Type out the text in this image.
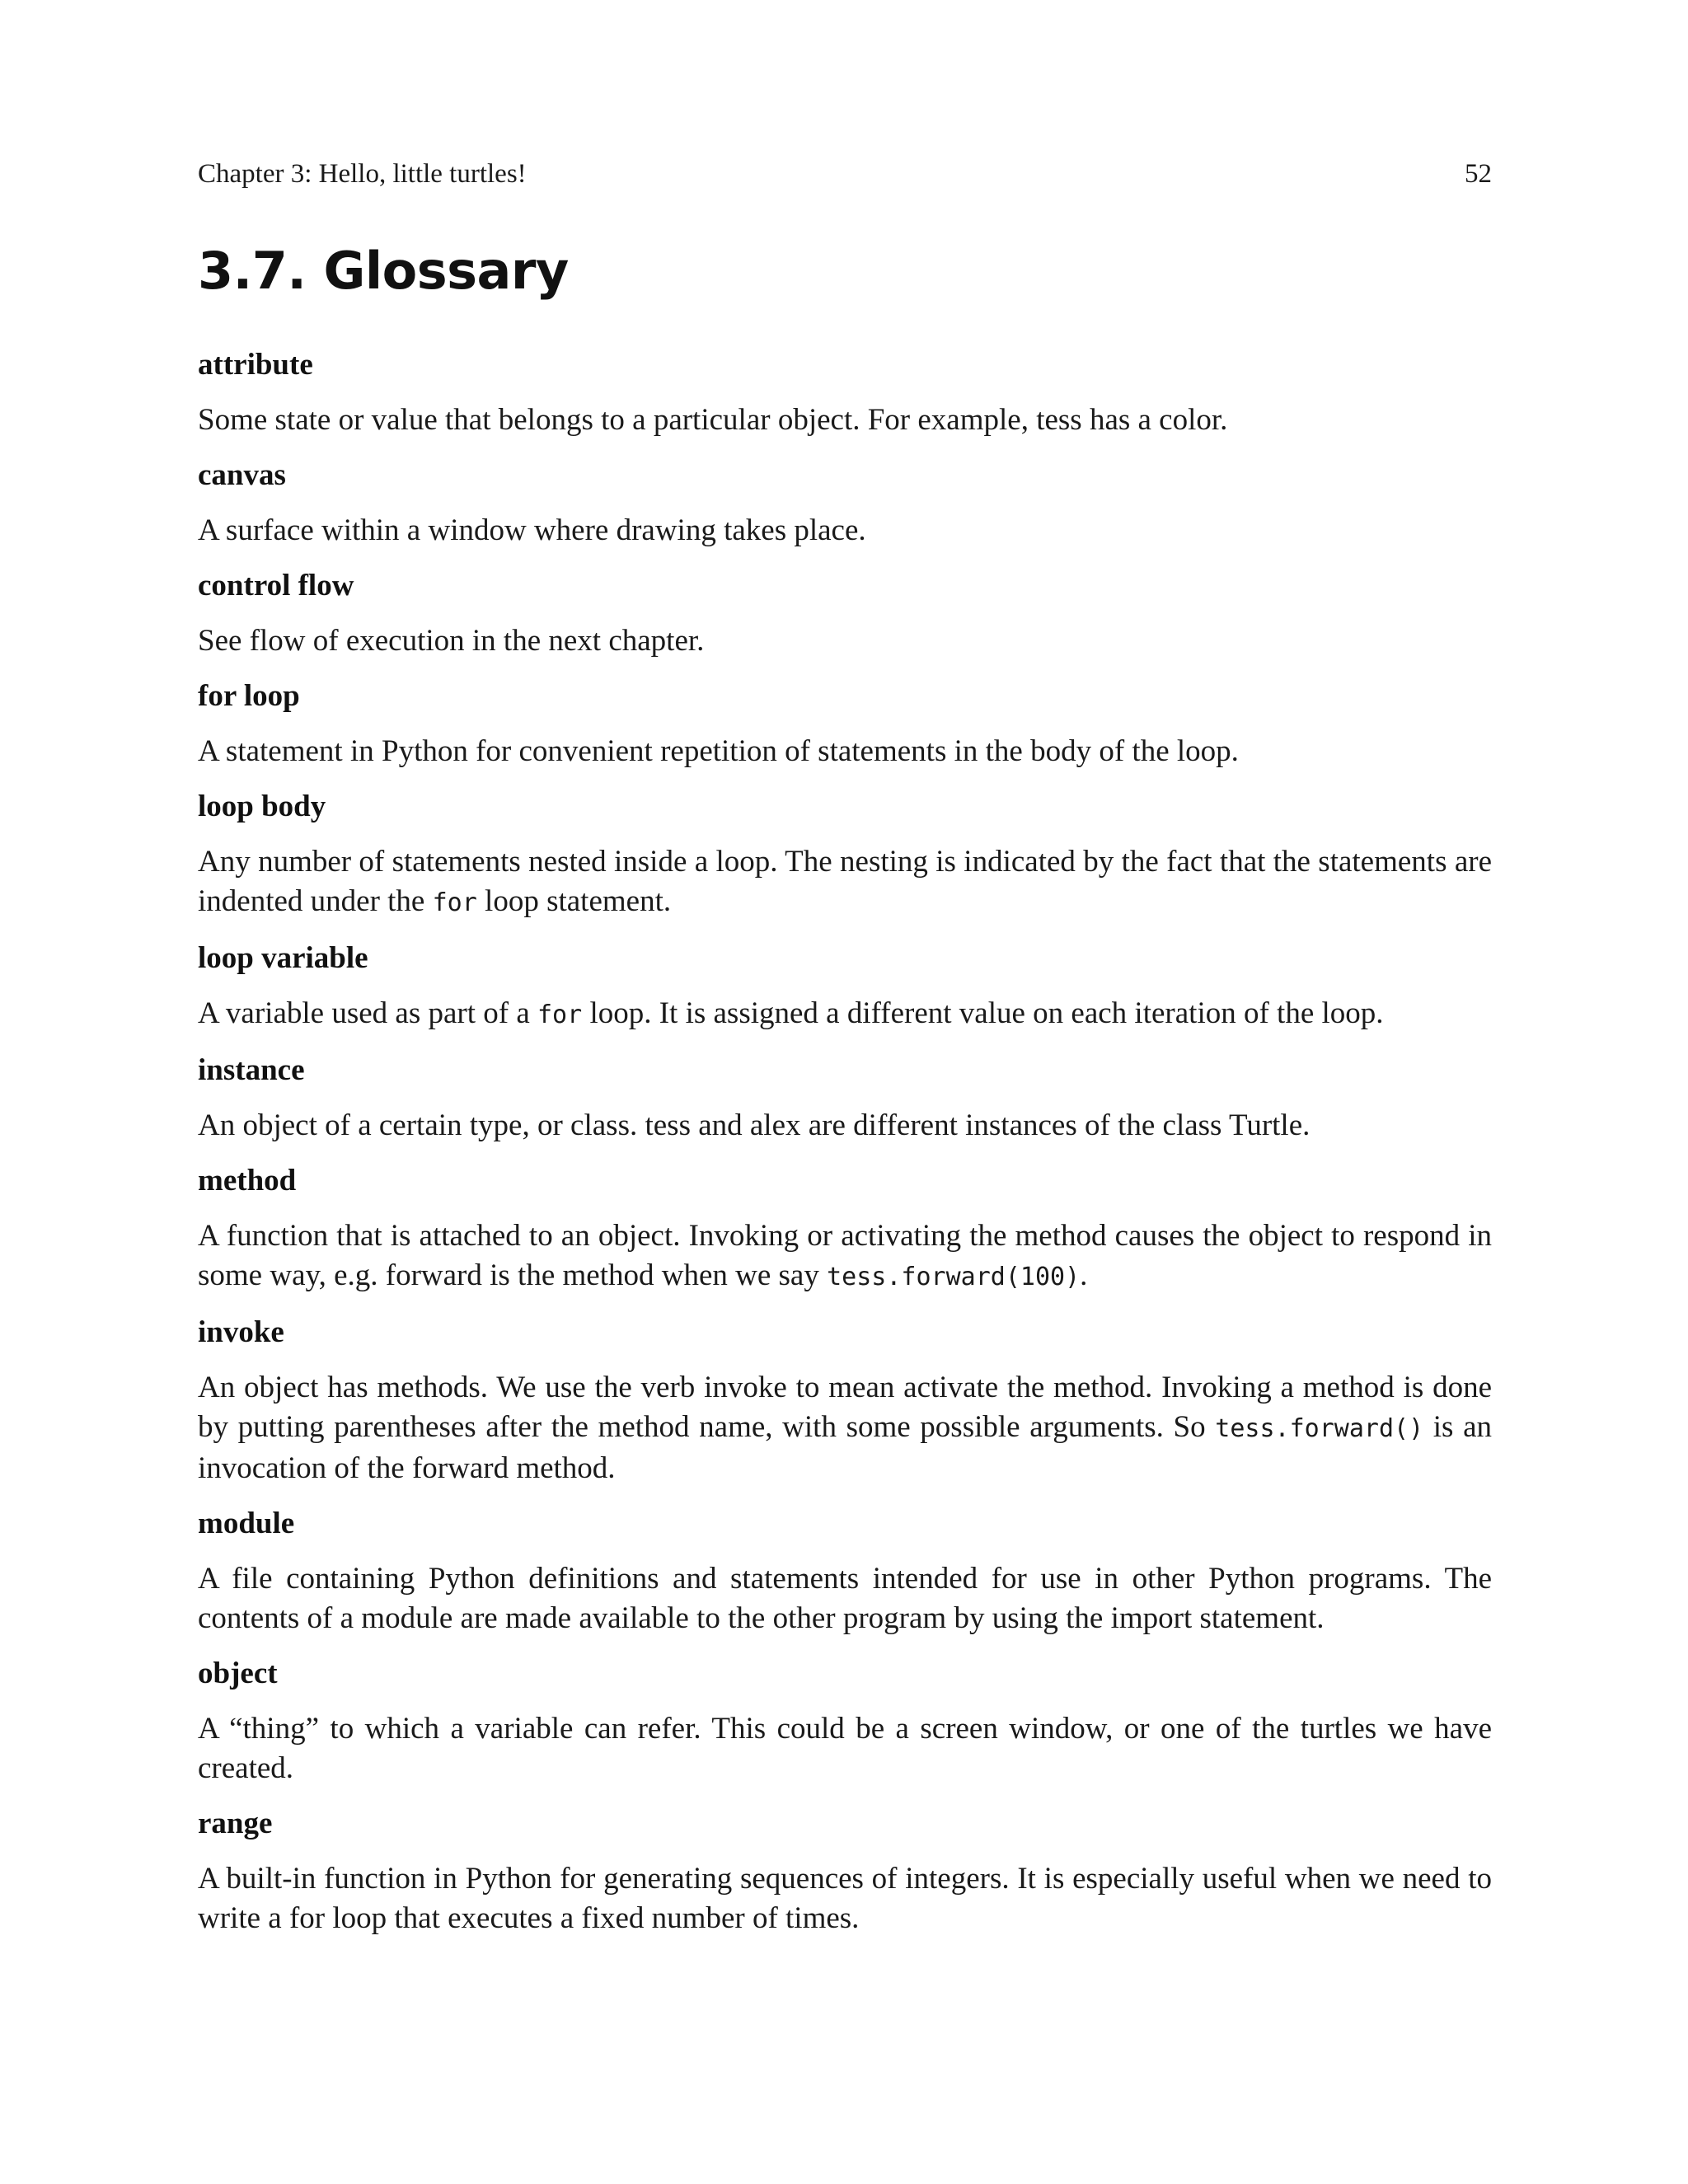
Chapter 3: Hello, little turtles!	52
3.7. Glossary
attribute
Some state or value that belongs to a particular object. For example, tess has a color.
canvas
A surface within a window where drawing takes place.
control flow
See flow of execution in the next chapter.
for loop
A statement in Python for convenient repetition of statements in the body of the loop.
loop body
Any number of statements nested inside a loop. The nesting is indicated by the fact that the statements are indented under the for loop statement.
loop variable
A variable used as part of a for loop. It is assigned a different value on each iteration of the loop.
instance
An object of a certain type, or class. tess and alex are different instances of the class Turtle.
method
A function that is attached to an object. Invoking or activating the method causes the object to respond in some way, e.g. forward is the method when we say tess.forward(100).
invoke
An object has methods. We use the verb invoke to mean activate the method. Invoking a method is done by putting parentheses after the method name, with some possible arguments. So tess.forward() is an invocation of the forward method.
module
A file containing Python definitions and statements intended for use in other Python programs. The contents of a module are made available to the other program by using the import statement.
object
A “thing” to which a variable can refer. This could be a screen window, or one of the turtles we have created.
range
A built-in function in Python for generating sequences of integers. It is especially useful when we need to write a for loop that executes a fixed number of times.
